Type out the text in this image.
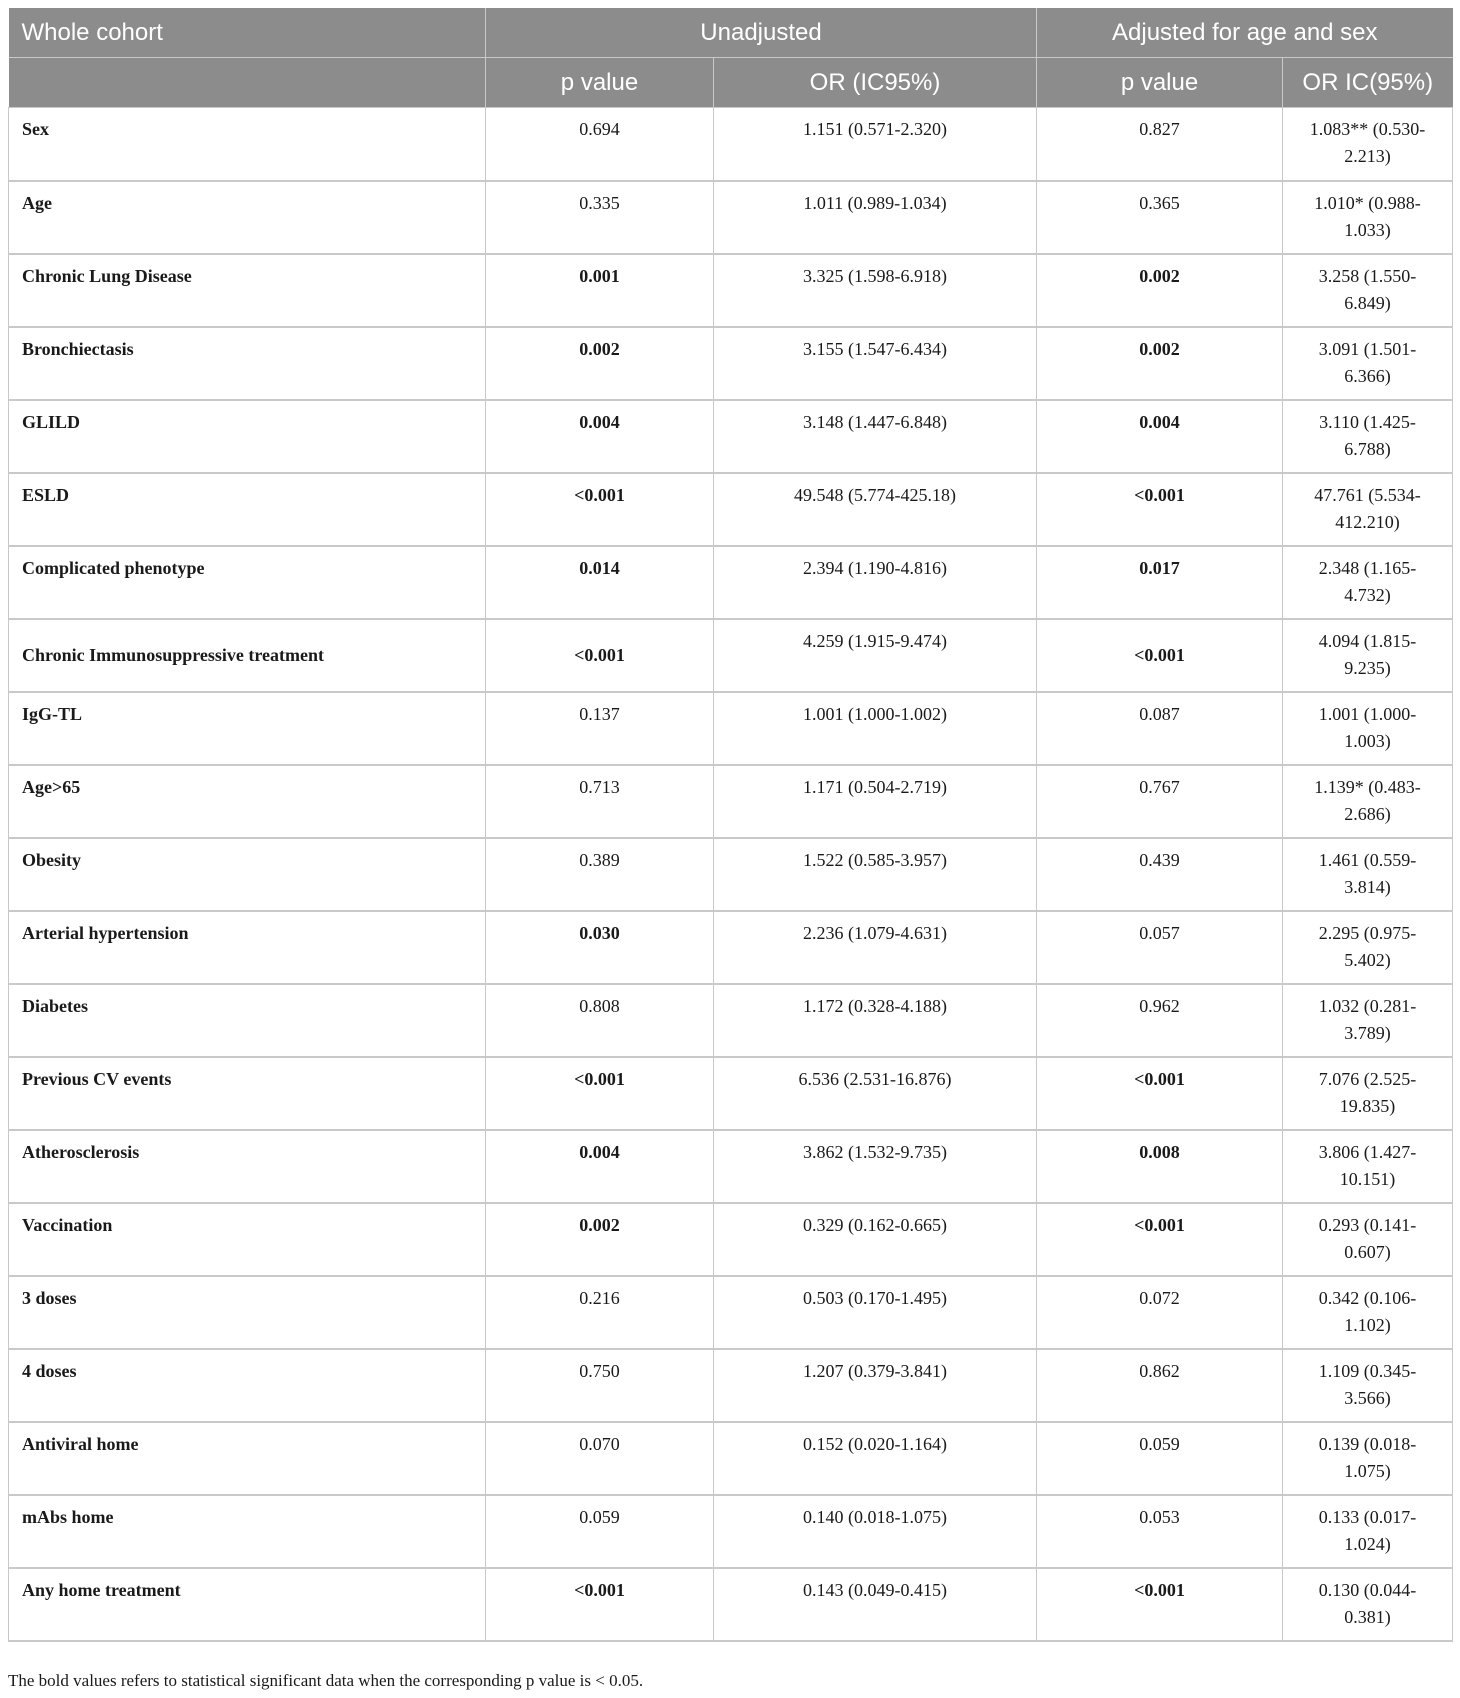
Whole cohort	Unadjusted		Adjusted for age and sex	
	p value	OR (IC95%)	p value	OR IC(95%)
Sex	0.694	1.151 (0.571-2.320)	0.827	1.083** (0.530-2.213)
Age	0.335	1.011 (0.989-1.034)	0.365	1.010* (0.988-1.033)
Chronic Lung Disease	0.001	3.325 (1.598-6.918)	0.002	3.258 (1.550-6.849)
Bronchiectasis	0.002	3.155 (1.547-6.434)	0.002	3.091 (1.501-6.366)
GLILD	0.004	3.148 (1.447-6.848)	0.004	3.110 (1.425-6.788)
ESLD	<0.001	49.548 (5.774-425.18)	<0.001	47.761 (5.534-412.210)
Complicated phenotype	0.014	2.394 (1.190-4.816)	0.017	2.348 (1.165-4.732)
Chronic Immunosuppressive treatment	<0.001	4.259 (1.915-9.474)	<0.001	4.094 (1.815-9.235)
IgG-TL	0.137	1.001 (1.000-1.002)	0.087	1.001 (1.000-1.003)
Age>65	0.713	1.171 (0.504-2.719)	0.767	1.139* (0.483-2.686)
Obesity	0.389	1.522 (0.585-3.957)	0.439	1.461 (0.559-3.814)
Arterial hypertension	0.030	2.236 (1.079-4.631)	0.057	2.295 (0.975-5.402)
Diabetes	0.808	1.172 (0.328-4.188)	0.962	1.032 (0.281-3.789)
Previous CV events	<0.001	6.536 (2.531-16.876)	<0.001	7.076 (2.525-19.835)
Atherosclerosis	0.004	3.862 (1.532-9.735)	0.008	3.806 (1.427-10.151)
Vaccination	0.002	0.329 (0.162-0.665)	<0.001	0.293 (0.141-0.607)
3 doses	0.216	0.503 (0.170-1.495)	0.072	0.342 (0.106-1.102)
4 doses	0.750	1.207 (0.379-3.841)	0.862	1.109 (0.345-3.566)
Antiviral home	0.070	0.152 (0.020-1.164)	0.059	0.139 (0.018-1.075)
mAbs home	0.059	0.140 (0.018-1.075)	0.053	0.133 (0.017-1.024)
Any home treatment	<0.001	0.143 (0.049-0.415)	<0.001	0.130 (0.044-0.381)
The bold values refers to statistical significant data when the corresponding p value is < 0.05.
